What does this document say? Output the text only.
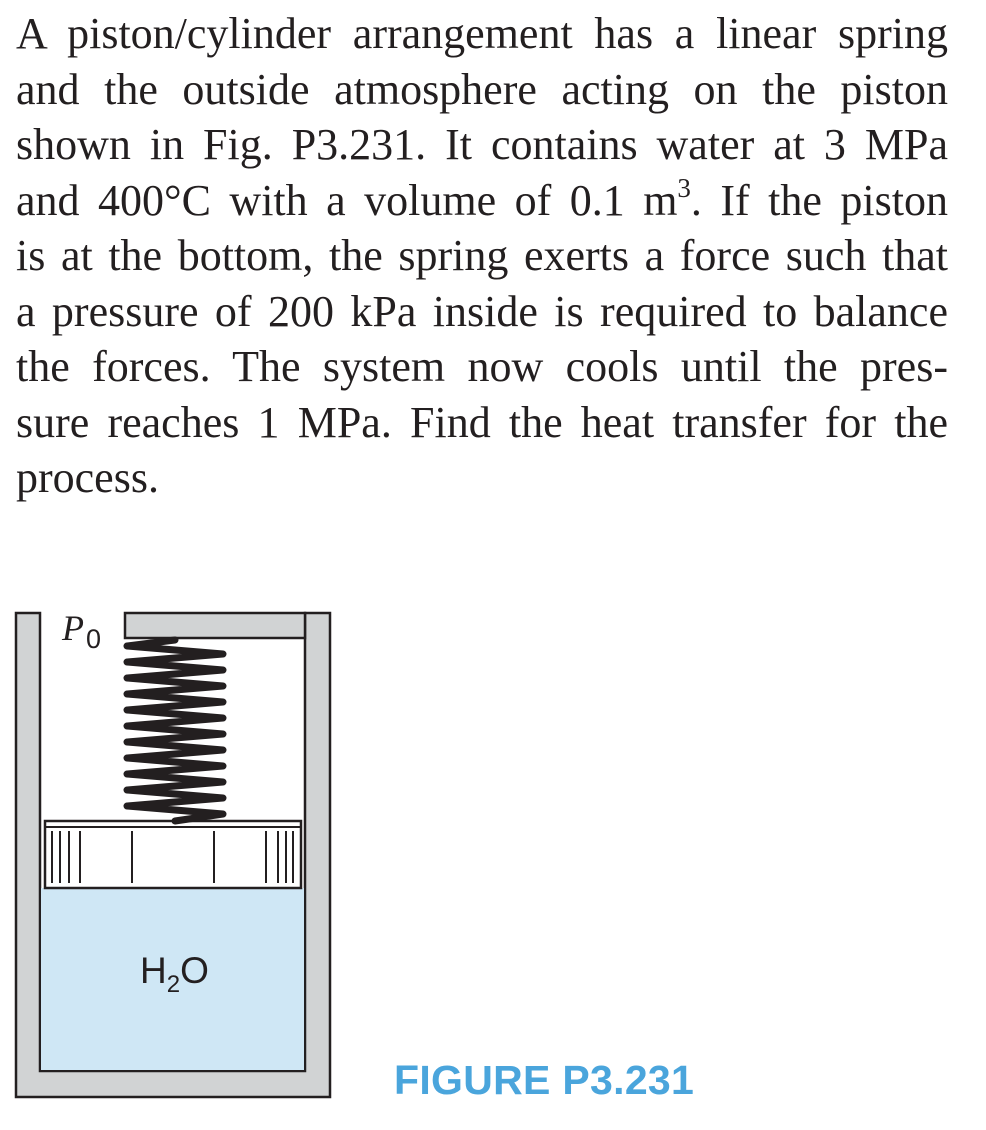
A piston/cylinder arrangement has a linear spring
and the outside atmosphere acting on the piston
shown in Fig. P3.231. It contains water at 3 MPa
and 400°C with a volume of 0.1 $m^3$. If the piston
is at the bottom, the spring exerts a force such that
a pressure of 200 kPa inside is required to balance
the forces. The system now cools until the pres-
sure reaches 1 MPa. Find the heat transfer for the
process.
$P_0$
$H_2O$
FIGURE P3.231
